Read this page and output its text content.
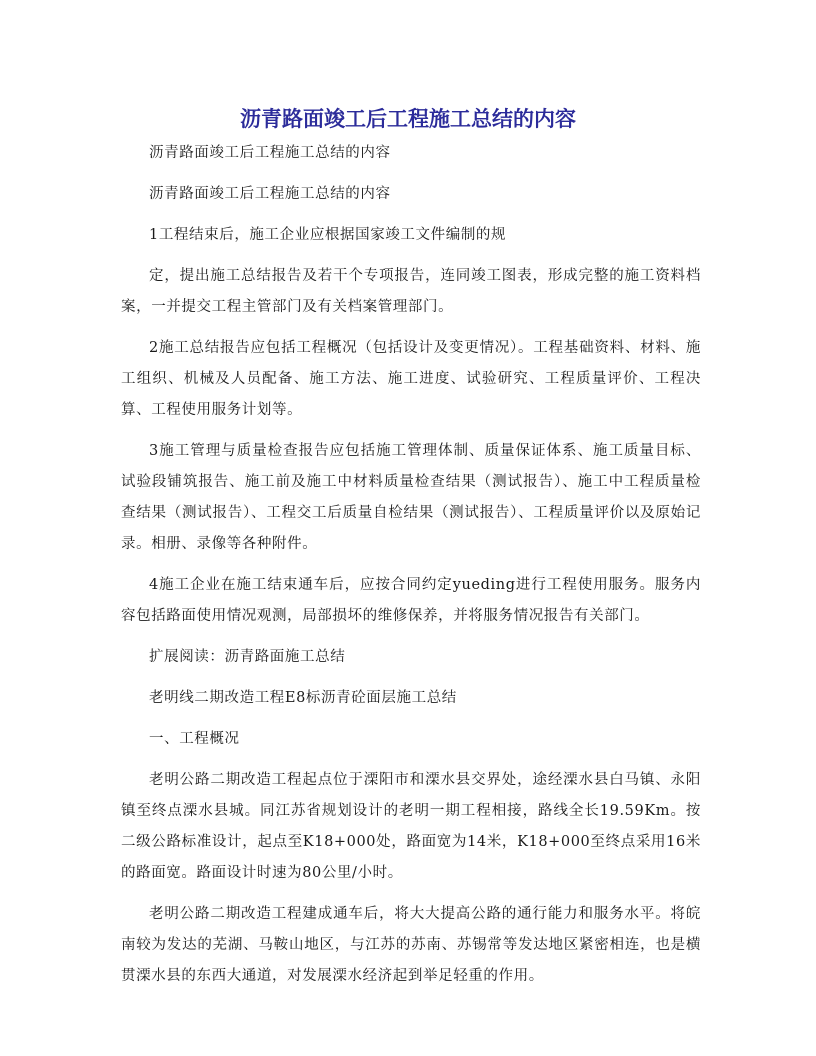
沥青路面竣工后工程施工总结的内容

沥青路面竣工后工程施工总结的内容

沥青路面竣工后工程施工总结的内容

1工程结束后，施工企业应根据国家竣工文件编制的规

定，提出施工总结报告及若干个专项报告，连同竣工图表，形成完整的施工资料档案，一并提交工程主管部门及有关档案管理部门。

2施工总结报告应包括工程概况（包括设计及变更情况）。工程基础资料、材料、施工组织、机械及人员配备、施工方法、施工进度、试验研究、工程质量评价、工程决算、工程使用服务计划等。

3施工管理与质量检查报告应包括施工管理体制、质量保证体系、施工质量目标、试验段铺筑报告、施工前及施工中材料质量检查结果（测试报告）、施工中工程质量检查结果（测试报告）、工程交工后质量自检结果（测试报告）、工程质量评价以及原始记录。相册、录像等各种附件。

4施工企业在施工结束通车后，应按合同约定yueding进行工程使用服务。服务内容包括路面使用情况观测，局部损坏的维修保养，并将服务情况报告有关部门。

扩展阅读：沥青路面施工总结

老明线二期改造工程E8标沥青砼面层施工总结

一、工程概况

老明公路二期改造工程起点位于溧阳市和溧水县交界处，途经溧水县白马镇、永阳镇至终点溧水县城。同江苏省规划设计的老明一期工程相接，路线全长19.59Km。按二级公路标准设计，起点至K18+000处，路面宽为14米，K18+000至终点采用16米的路面宽。路面设计时速为80公里/小时。

老明公路二期改造工程建成通车后，将大大提高公路的通行能力和服务水平。将皖南较为发达的芜湖、马鞍山地区，与江苏的苏南、苏锡常等发达地区紧密相连，也是横贯溧水县的东西大通道，对发展溧水经济起到举足轻重的作用。
